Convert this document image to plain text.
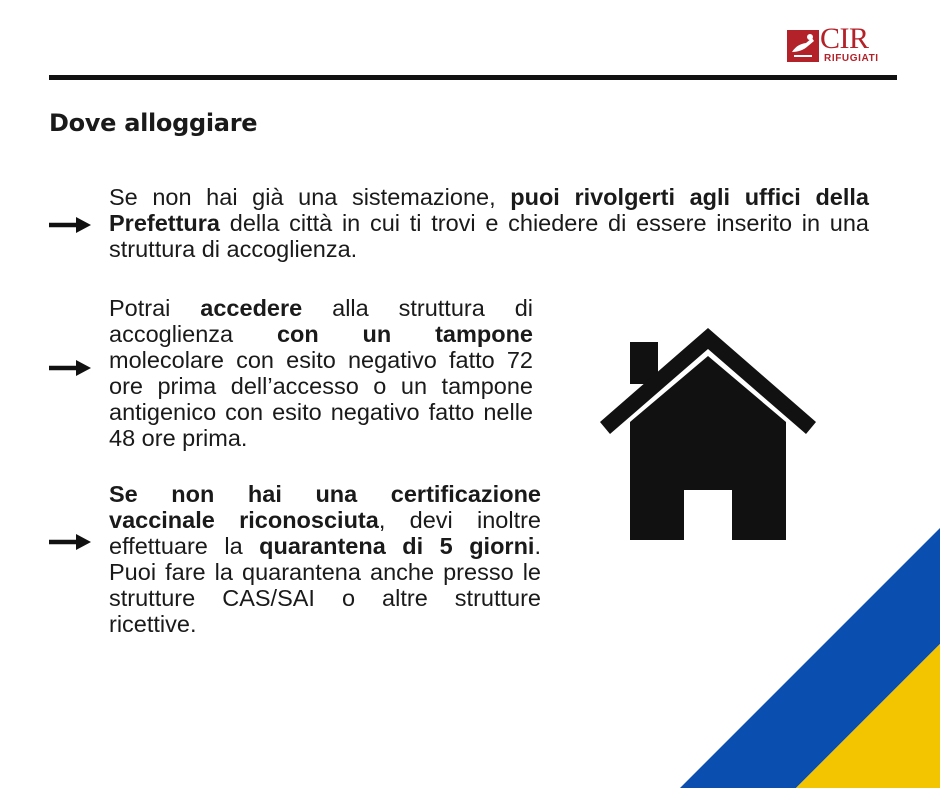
CIR
RIFUGIATI
Dove alloggiare

Se non hai già una sistemazione, puoi rivolgerti agli uffici della Prefettura della città in cui ti trovi e chiedere di essere inserito in una struttura di accoglienza.

Potrai accedere alla struttura di accoglienza con un tampone molecolare con esito negativo fatto 72 ore prima dell’accesso o un tampone antigenico con esito negativo fatto nelle 48 ore prima.

Se non hai una certificazione vaccinale riconosciuta, devi inoltre effettuare la quarantena di 5 giorni. Puoi fare la quarantena anche presso le strutture CAS/SAI o altre strutture ricettive.
